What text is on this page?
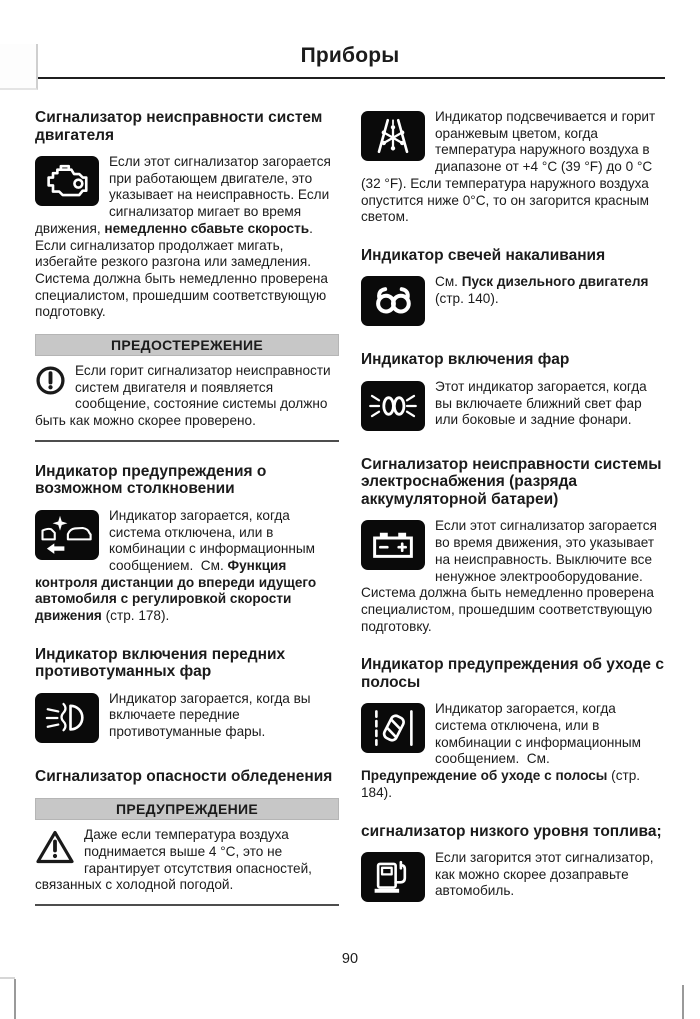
Приборы
Сигнализатор неисправности систем двигателя

Если этот сигнализатор загорается при работающем двигателе, это указывает на неисправность. Если сигнализатор мигает во время движения, немедленно сбавьте скорость. Если сигнализатор продолжает мигать, избегайте резкого разгона или замедления. Система должна быть немедленно проверена специалистом, прошедшим соответствующую подготовку.

ПРЕДОСТЕРЕЖЕНИЕ

Если горит сигнализатор неисправности систем двигателя и появляется сообщение, состояние системы должно быть как можно скорее проверено.

Индикатор предупреждения о возможном столкновении

Индикатор загорается, когда система отключена, или в комбинации с информационным сообщением.  См. Функция контроля дистанции до впереди идущего автомобиля с регулировкой скорости движения (стр. 178).

Индикатор включения передних противотуманных фар

Индикатор загорается, когда вы включаете передние противотуманные фары.

Сигнализатор опасности обледенения
ПРЕДУПРЕЖДЕНИЕ

Даже если температура воздуха поднимается выше 4 °С, это не гарантирует отсутствия опасностей, связанных с холодной погодой.

Индикатор подсвечивается и горит оранжевым цветом, когда температура наружного воздуха в диапазоне от +4 °С (39 °F) до 0 °С (32 °F). Если температура наружного воздуха опустится ниже 0°С, то он загорится красным светом.

Индикатор свечей накаливания

См. Пуск дизельного двигателя (стр. 140).

Индикатор включения фар

Этот индикатор загорается, когда вы включаете ближний свет фар или боковые и задние фонари.

Сигнализатор неисправности системы электроснабжения (разряда аккумуляторной батареи)

Если этот сигнализатор загорается во время движения, это указывает на неисправность. Выключите все ненужное электрооборудование. Система должна быть немедленно проверена специалистом, прошедшим соответствующую подготовку.

Индикатор предупреждения об уходе с полосы

Индикатор загорается, когда система отключена, или в комбинации с информационным сообщением.  См. Предупреждение об уходе с полосы (стр. 184).

сигнализатор низкого уровня топлива;

Если загорится этот сигнализатор, как можно скорее дозаправьте автомобиль.

90
